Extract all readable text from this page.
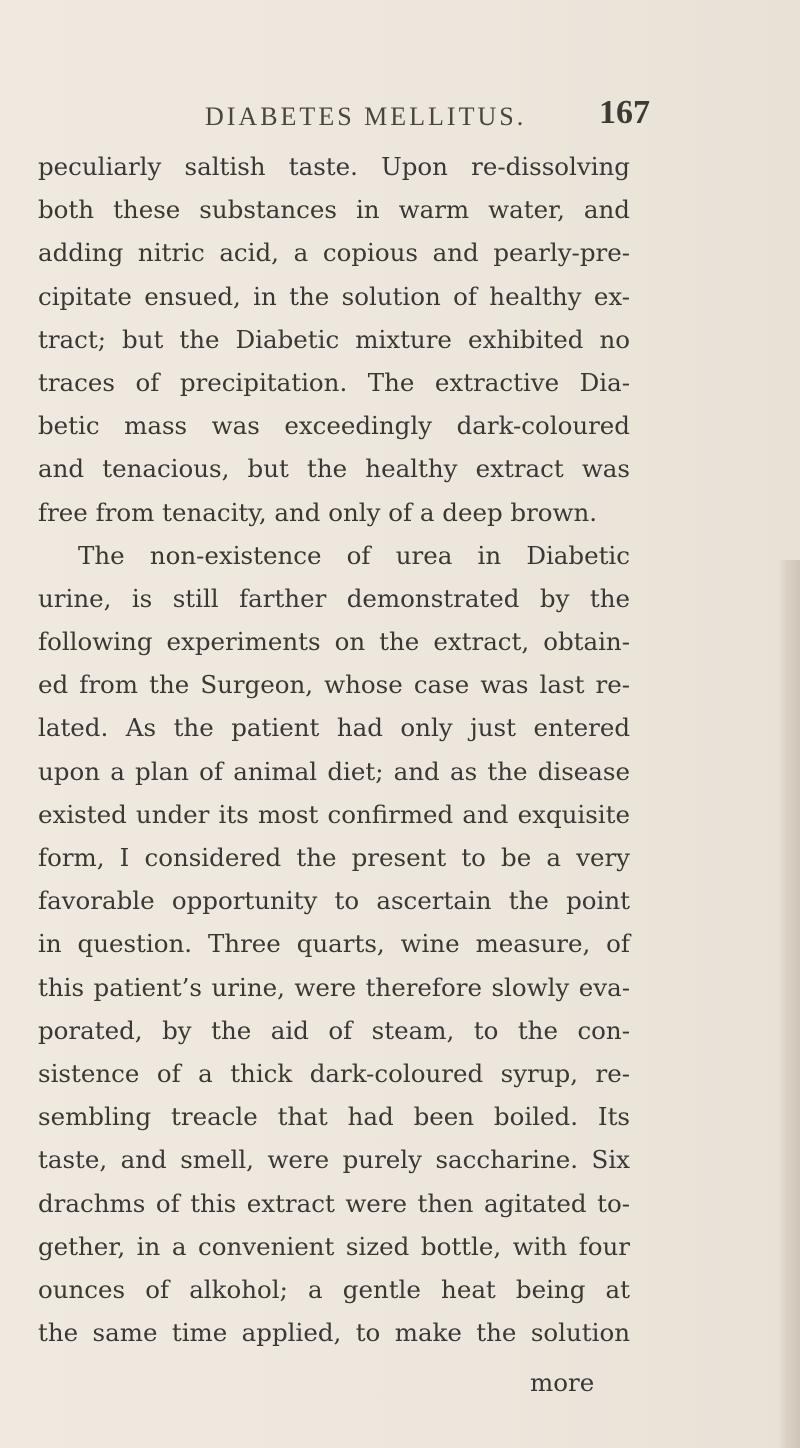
DIABETES MELLITUS. 167
peculiarly saltish taste. Upon re-dissolving
both these substances in warm water, and
adding nitric acid, a copious and pearly-pre-
cipitate ensued, in the solution of healthy ex-
tract; but the Diabetic mixture exhibited no
traces of precipitation. The extractive Dia-
betic mass was exceedingly dark-coloured
and tenacious, but the healthy extract was
free from tenacity, and only of a deep brown.
The non-existence of urea in Diabetic
urine, is still farther demonstrated by the
following experiments on the extract, obtain-
ed from the Surgeon, whose case was last re-
lated. As the patient had only just entered
upon a plan of animal diet; and as the disease
existed under its most confirmed and exquisite
form, I considered the present to be a very
favorable opportunity to ascertain the point
in question. Three quarts, wine measure, of
this patient’s urine, were therefore slowly eva-
porated, by the aid of steam, to the con-
sistence of a thick dark-coloured syrup, re-
sembling treacle that had been boiled. Its
taste, and smell, were purely saccharine. Six
drachms of this extract were then agitated to-
gether, in a convenient sized bottle, with four
ounces of alkohol; a gentle heat being at
the same time applied, to make the solution
more
